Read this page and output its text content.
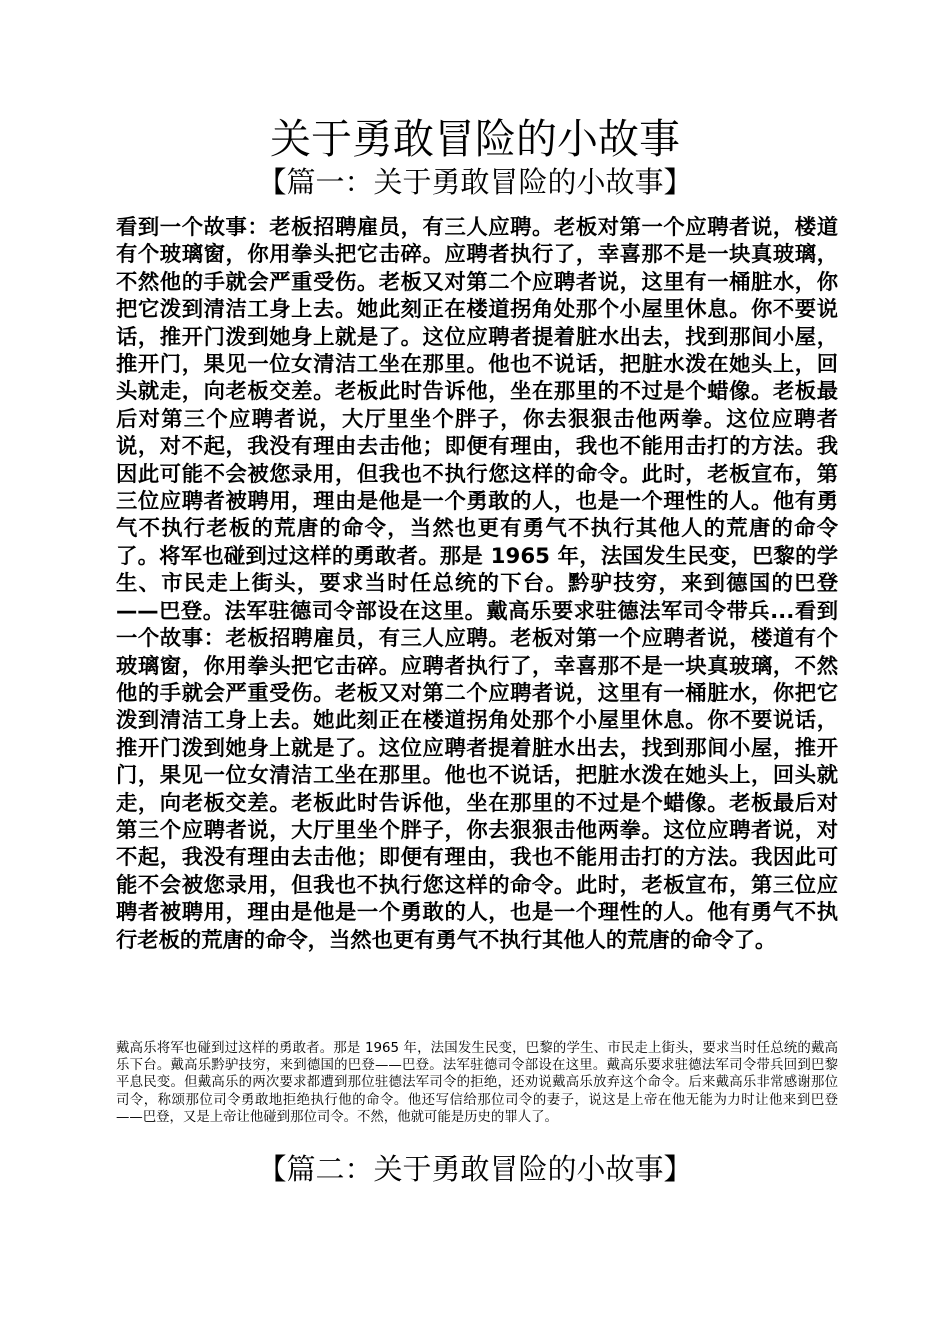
关于勇敢冒险的小故事
【篇一：关于勇敢冒险的小故事】

看到一个故事：老板招聘雇员，有三人应聘。老板对第一个应聘者说，楼道有个玻璃窗，你用拳头把它击碎。应聘者执行了，幸喜那不是一块真玻璃，不然他的手就会严重受伤。老板又对第二个应聘者说，这里有一桶脏水，你把它泼到清洁工身上去。她此刻正在楼道拐角处那个小屋里休息。你不要说话，推开门泼到她身上就是了。这位应聘者提着脏水出去，找到那间小屋，推开门，果见一位女清洁工坐在那里。他也不说话，把脏水泼在她头上，回头就走，向老板交差。老板此时告诉他，坐在那里的不过是个蜡像。老板最后对第三个应聘者说，大厅里坐个胖子，你去狠狠击他两拳。这位应聘者说，对不起，我没有理由去击他；即便有理由，我也不能用击打的方法。我因此可能不会被您录用，但我也不执行您这样的命令。此时，老板宣布，第三位应聘者被聘用，理由是他是一个勇敢的人，也是一个理性的人。他有勇气不执行老板的荒唐的命令，当然也更有勇气不执行其他人的荒唐的命令了。将军也碰到过这样的勇敢者。那是 1965 年，法国发生民变，巴黎的学生、市民走上街头，要求当时任总统的下台。黔驴技穷，来到德国的巴登——巴登。法军驻德司令部设在这里。戴高乐要求驻德法军司令带兵...看到一个故事：老板招聘雇员，有三人应聘。老板对第一个应聘者说，楼道有个玻璃窗，你用拳头把它击碎。应聘者执行了，幸喜那不是一块真玻璃，不然他的手就会严重受伤。老板又对第二个应聘者说，这里有一桶脏水，你把它泼到清洁工身上去。她此刻正在楼道拐角处那个小屋里休息。你不要说话，推开门泼到她身上就是了。这位应聘者提着脏水出去，找到那间小屋，推开门，果见一位女清洁工坐在那里。他也不说话，把脏水泼在她头上，回头就走，向老板交差。老板此时告诉他，坐在那里的不过是个蜡像。老板最后对第三个应聘者说，大厅里坐个胖子，你去狠狠击他两拳。这位应聘者说，对不起，我没有理由去击他；即便有理由，我也不能用击打的方法。我因此可能不会被您录用，但我也不执行您这样的命令。此时，老板宣布，第三位应聘者被聘用，理由是他是一个勇敢的人，也是一个理性的人。他有勇气不执行老板的荒唐的命令，当然也更有勇气不执行其他人的荒唐的命令了。

戴高乐将军也碰到过这样的勇敢者。那是 1965 年，法国发生民变，巴黎的学生、市民走上街头，要求当时任总统的戴高乐下台。戴高乐黔驴技穷，来到德国的巴登——巴登。法军驻德司令部设在这里。戴高乐要求驻德法军司令带兵回到巴黎平息民变。但戴高乐的两次要求都遭到那位驻德法军司令的拒绝，还劝说戴高乐放弃这个命令。后来戴高乐非常感谢那位司令，称颂那位司令勇敢地拒绝执行他的命令。他还写信给那位司令的妻子，说这是上帝在他无能为力时让他来到巴登——巴登，又是上帝让他碰到那位司令。不然，他就可能是历史的罪人了。

【篇二：关于勇敢冒险的小故事】
